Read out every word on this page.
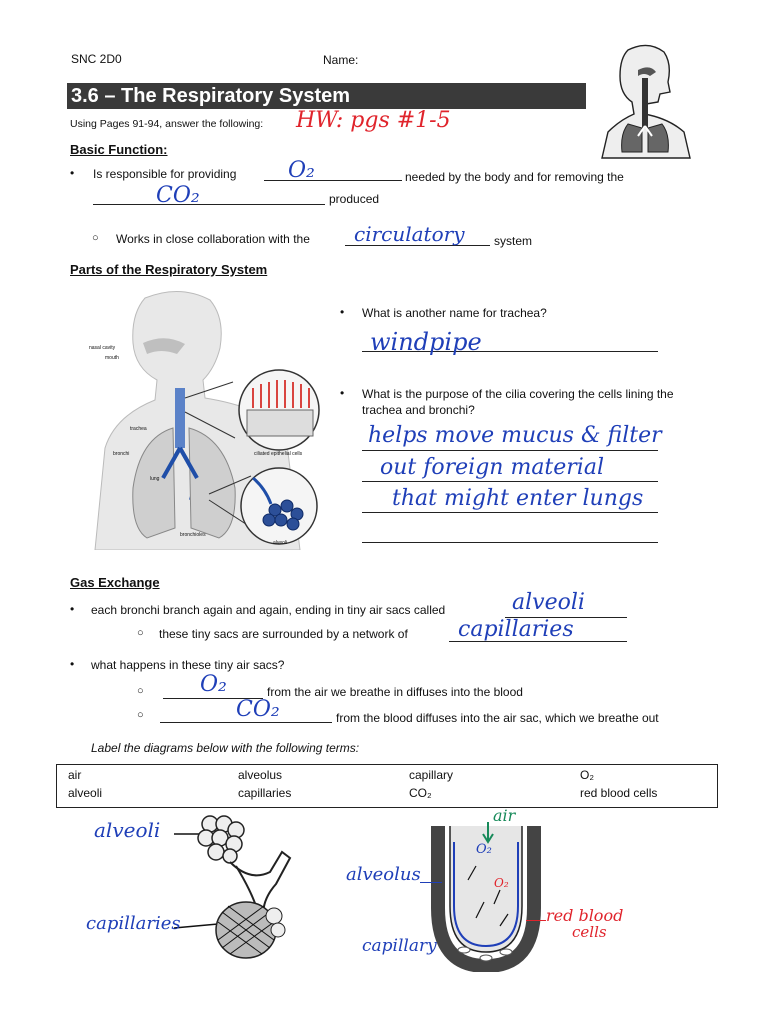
SNC 2D0	Name:
3.6 – The Respiratory System
Using Pages 91-94, answer the following: HW: pgs #1-5
Basic Function:
• Is responsible for providing O₂	needed by the body and for removing the
CO₂	produced
○ Works in close collaboration with the circulatory system
Parts of the Respiratory System
nasal cavity
mouth
trachea
bronchi
lung
ciliated epithelial cells
bronchioles
alveoli
• What is another name for trachea?
windpipe
• What is the purpose of the cilia covering the cells lining the
trachea and bronchi?
helps move mucus & filter
out foreign material
that might enter lungs
Gas Exchange
• each bronchi branch again and again, ending in tiny air sacs called	alveoli
○ these tiny sacs are surrounded by a network of capillaries
• what happens in these tiny air sacs?
○	O₂	from the air we breathe in diffuses into the blood
○	CO₂	from the blood diffuses into the air sac, which we breathe out
Label the diagrams below with the following terms:
air	alveolus	capillary	O₂
alveoli	capillaries	CO₂	red blood cells
alveoli
capillaries
air
O₂
O₂
alveolus
capillary
red blood
cells
